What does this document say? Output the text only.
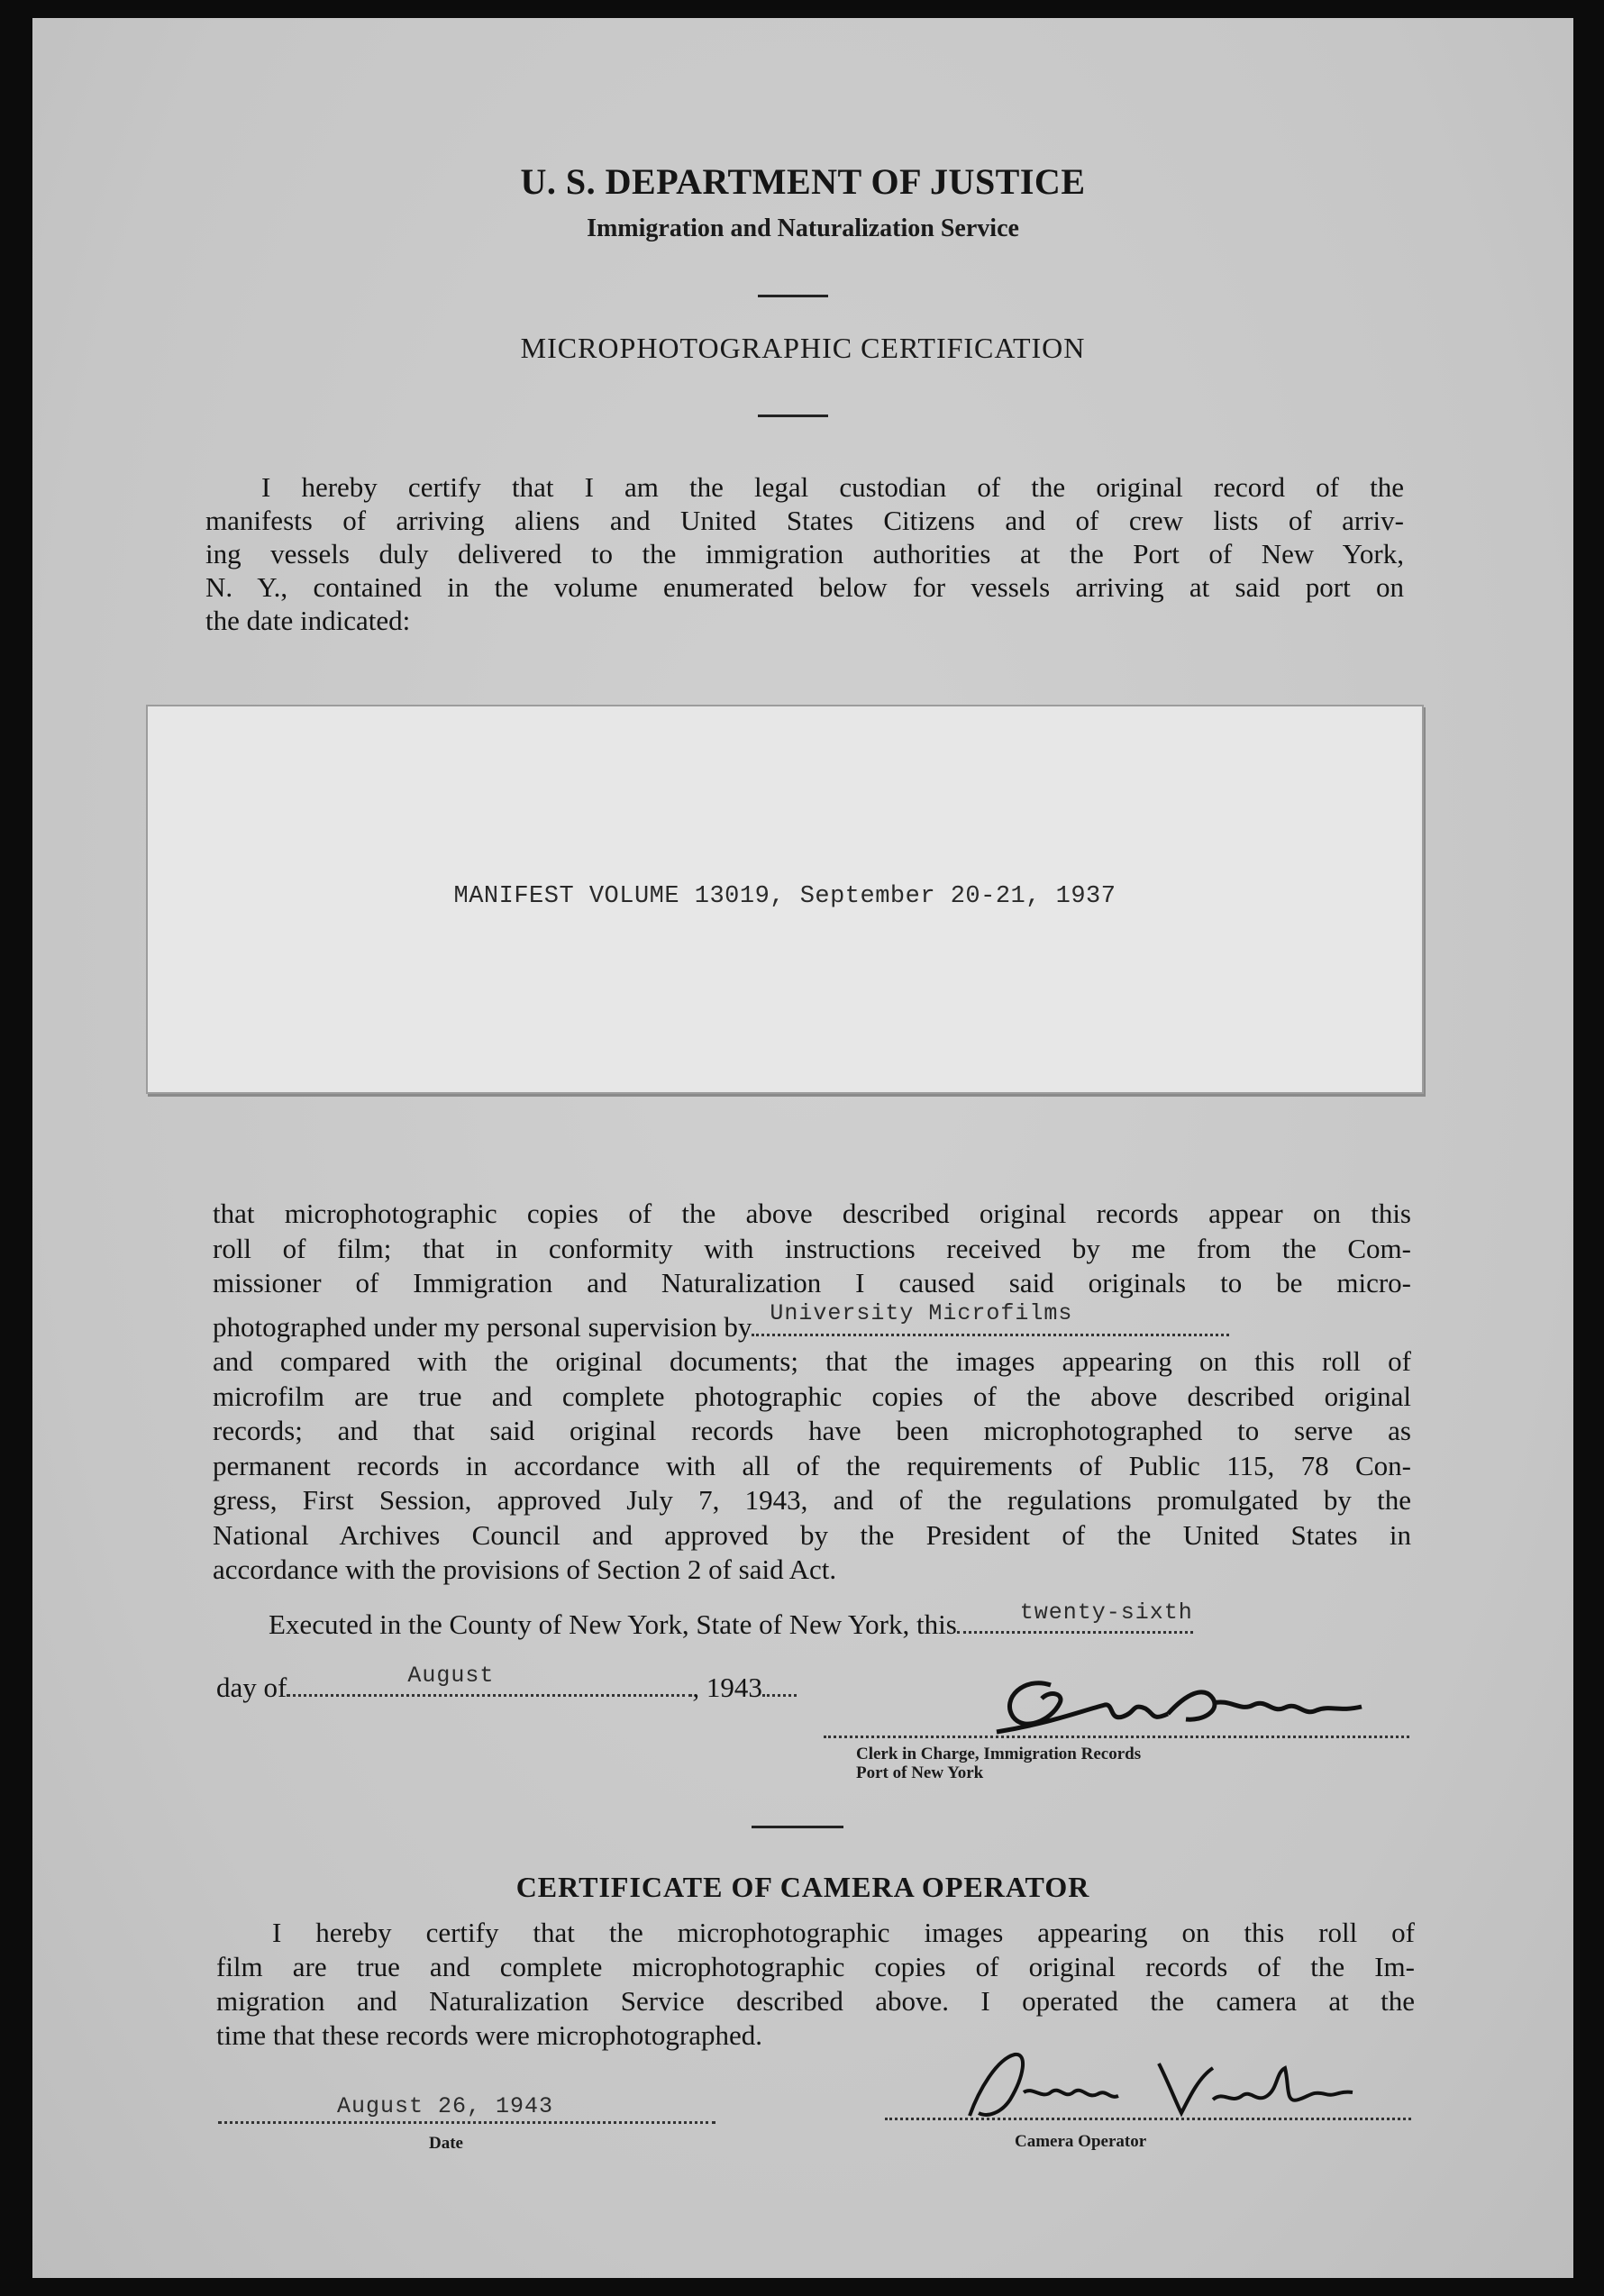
U. S. DEPARTMENT OF JUSTICE
Immigration and Naturalization Service
MICROPHOTOGRAPHIC CERTIFICATION
I hereby certify that I am the legal custodian of the original record of the
manifests of arriving aliens and United States Citizens and of crew lists of arriv-
ing vessels duly delivered to the immigration authorities at the Port of New York,
N. Y., contained in the volume enumerated below for vessels arriving at said port on
the date indicated:
MANIFEST VOLUME 13019, September 20-21, 1937
that microphotographic copies of the above described original records appear on this
roll of film; that in conformity with instructions received by me from the Com-
missioner of Immigration and Naturalization I caused said originals to be micro-
photographed under my personal supervision by University Microfilms
and compared with the original documents; that the images appearing on this roll of
microfilm are true and complete photographic copies of the above described original
records; and that said original records have been microphotographed to serve as
permanent records in accordance with all of the requirements of Public 115, 78 Con-
gress, First Session, approved July 7, 1943, and of the regulations promulgated by the
National Archives Council and approved by the President of the United States in
accordance with the provisions of Section 2 of said Act.
Executed in the County of New York, State of New York, this	twenty-sixth
day of	August	, 1943
Clerk in Charge, Immigration Records
Port of New York
CERTIFICATE OF CAMERA OPERATOR
I hereby certify that the microphotographic images appearing on this roll of
film are true and complete microphotographic copies of original records of the Im-
migration and Naturalization Service described above. I operated the camera at the
time that these records were microphotographed.
August 26, 1943
Date	Camera Operator
